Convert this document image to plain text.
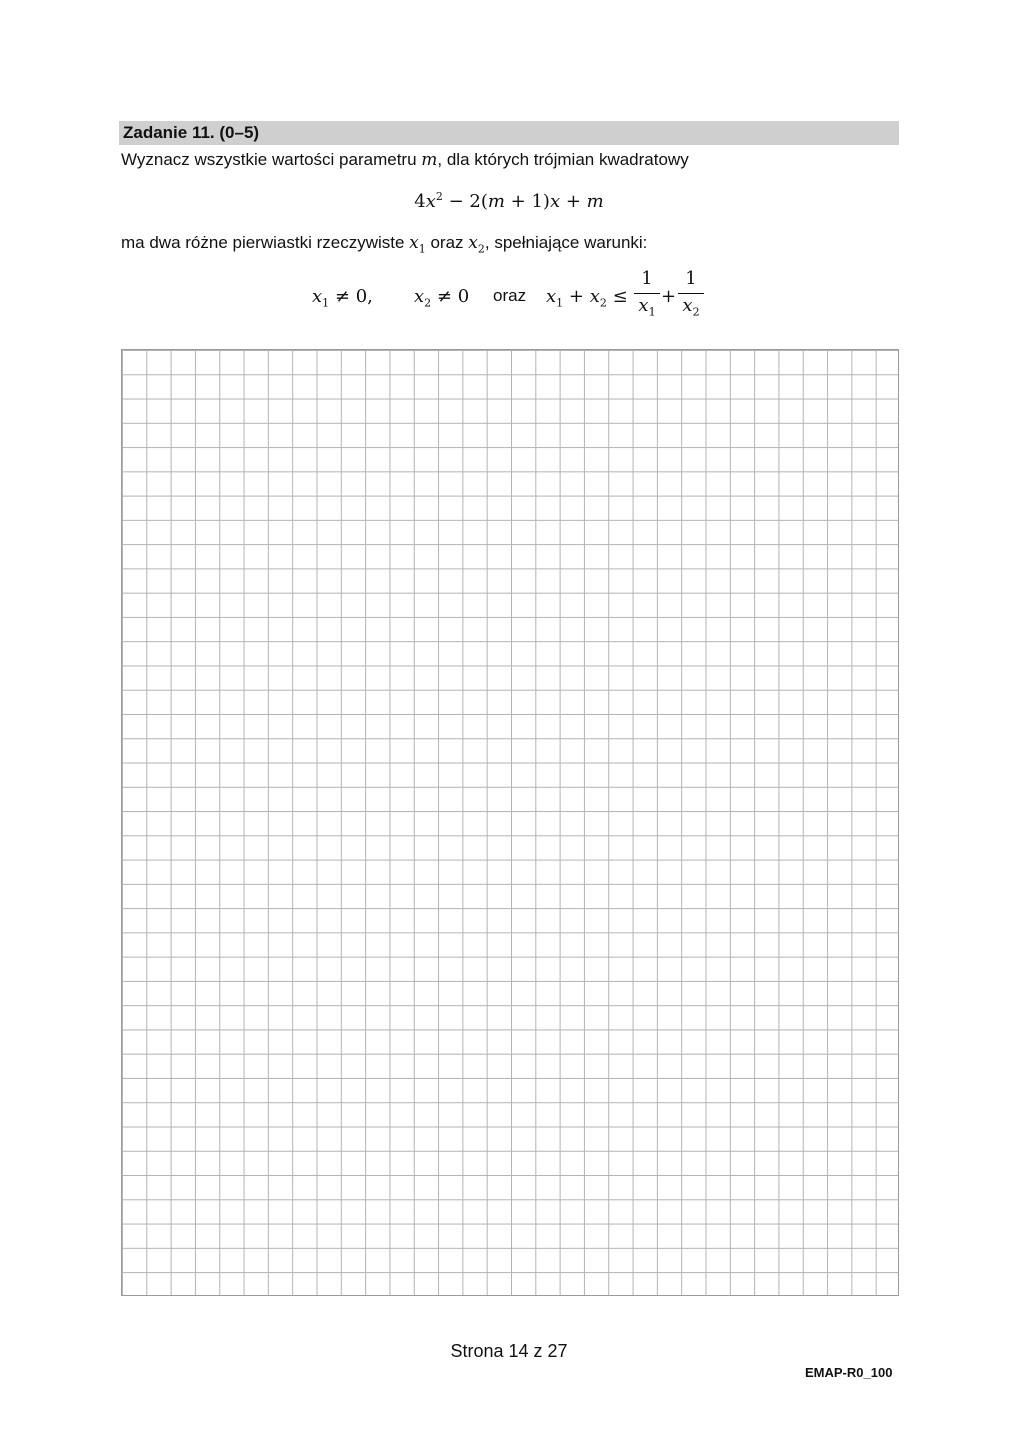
Zadanie 11. (0–5)
Wyznacz wszystkie wartości parametru m, dla których trójmian kwadratowy
$4x^2 - 2(m + 1)x + m$
ma dwa różne pierwiastki rzeczywiste $x_1$ oraz $x_2$, spełniające warunki:
$x_1 \ne 0$, $x_2 \ne 0$ oraz $x_1 + x_2$ ≤
1
$x_1$
+
1
$x_2$
Strona 14 z 27
EMAP-R0_100
